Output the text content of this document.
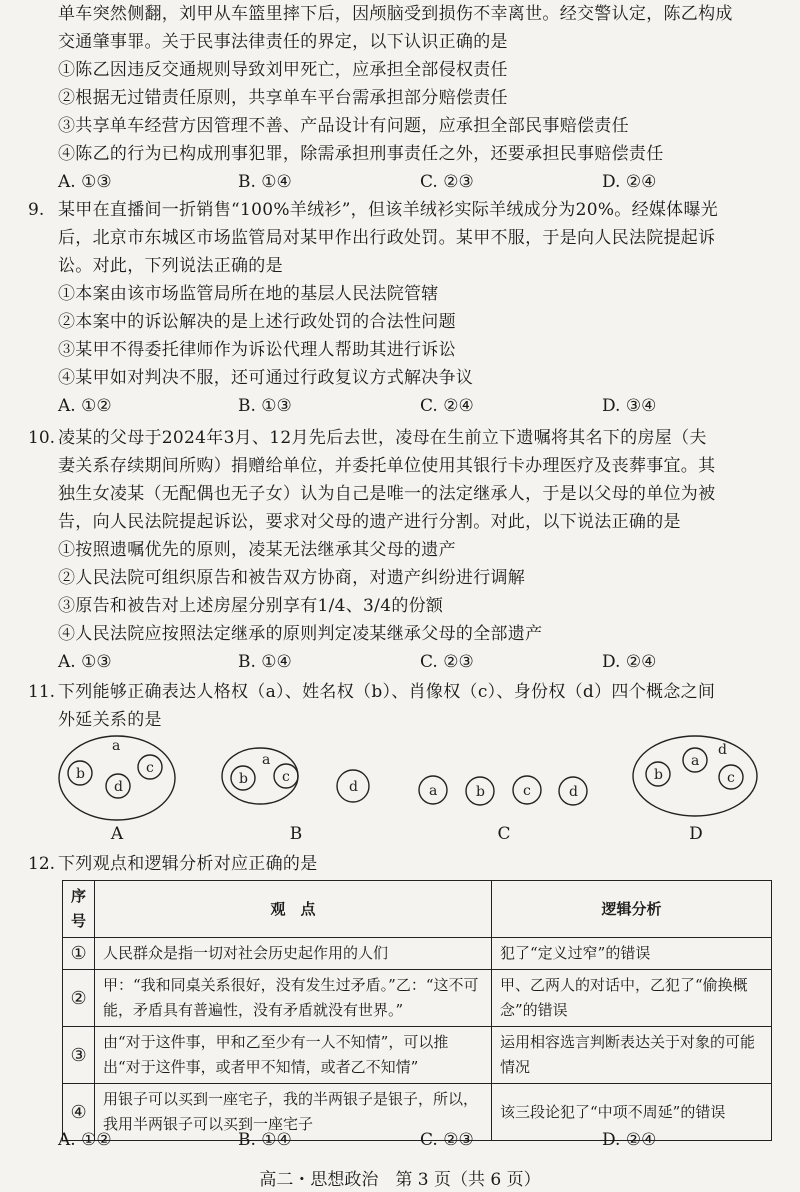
单车突然侧翻，刘甲从车篮里摔下后，因颅脑受到损伤不幸离世。经交警认定，陈乙构成
交通肇事罪。关于民事法律责任的界定，以下认识正确的是
①陈乙因违反交通规则导致刘甲死亡，应承担全部侵权责任
②根据无过错责任原则，共享单车平台需承担部分赔偿责任
③共享单车经营方因管理不善、产品设计有问题，应承担全部民事赔偿责任
④陈乙的行为已构成刑事犯罪，除需承担刑事责任之外，还要承担民事赔偿责任
A. ①③	B. ①④	C. ②③	D. ②④
9. 某甲在直播间一折销售“100%羊绒衫”，但该羊绒衫实际羊绒成分为20%。经媒体曝光
后，北京市东城区市场监管局对某甲作出行政处罚。某甲不服，于是向人民法院提起诉
讼。对此，下列说法正确的是
①本案由该市场监管局所在地的基层人民法院管辖
②本案中的诉讼解决的是上述行政处罚的合法性问题
③某甲不得委托律师作为诉讼代理人帮助其进行诉讼
④某甲如对判决不服，还可通过行政复议方式解决争议
A. ①②	B. ①③	C. ②④	D. ③④
10. 凌某的父母于2024年3月、12月先后去世，凌母在生前立下遗嘱将其名下的房屋（夫
妻关系存续期间所购）捐赠给单位，并委托单位使用其银行卡办理医疗及丧葬事宜。其
独生女凌某（无配偶也无子女）认为自己是唯一的法定继承人，于是以父母的单位为被
告，向人民法院提起诉讼，要求对父母的遗产进行分割。对此，以下说法正确的是
①按照遗嘱优先的原则，凌某无法继承其父母的遗产
②人民法院可组织原告和被告双方协商，对遗产纠纷进行调解
③原告和被告对上述房屋分别享有1/4、3/4的份额
④人民法院应按照法定继承的原则判定凌某继承父母的全部遗产
A. ①③	B. ①④	C. ②③	D. ②④
11. 下列能够正确表达人格权（a）、姓名权（b）、肖像权（c）、身份权（d）四个概念之间
外延关系的是
a
b	c
d
a
b c
d	a	b	c	d
d
b
a
c
A	B	C	D
12. 下列观点和逻辑分析对应正确的是
序号	观　点	逻辑分析
①	人民群众是指一切对社会历史起作用的人们	犯了“定义过窄”的错误
②	甲：“我和同桌关系很好，没有发生过矛盾。”乙：“这不可能，矛盾具有普遍性，没有矛盾就没有世界。”	甲、乙两人的对话中，乙犯了“偷换概念”的错误
③	由“对于这件事，甲和乙至少有一人不知情”，可以推出“对于这件事，或者甲不知情，或者乙不知情”	运用相容选言判断表达关于对象的可能情况
④	用银子可以买到一座宅子，我的半两银子是银子，所以，我用半两银子可以买到一座宅子	该三段论犯了“中项不周延”的错误
A. ①②	B. ①④	C. ②③	D. ②④
高二・思想政治　第 3 页（共 6 页）
